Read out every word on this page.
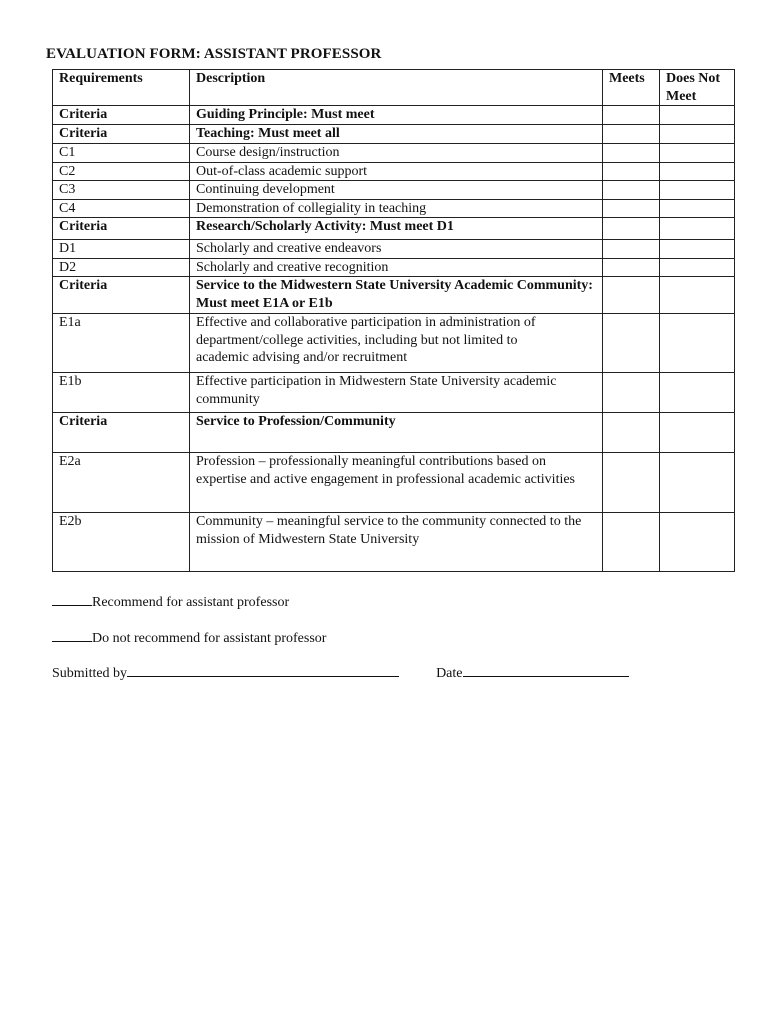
EVALUATION FORM: ASSISTANT PROFESSOR
Requirements	Description	Meets	Does Not Meet
Criteria	Guiding Principle: Must meet		
Criteria	Teaching: Must meet all		
C1	Course design/instruction		
C2	Out-of-class academic support		
C3	Continuing development		
C4	Demonstration of collegiality in teaching		
Criteria	Research/Scholarly Activity: Must meet D1		
D1	Scholarly and creative endeavors		
D2	Scholarly and creative recognition		
Criteria	Service to the Midwestern State University Academic Community: Must meet E1A or E1b		
E1a	Effective and collaborative participation in administration of department/college activities, including but not limited to academic advising and/or recruitment		
E1b	Effective participation in Midwestern State University academic community		
Criteria	Service to Profession/Community		
E2a	Profession – professionally meaningful contributions based on expertise and active engagement in professional academic activities		
E2b	Community – meaningful service to the community connected to the mission of Midwestern State University		
Recommend for assistant professor
Do not recommend for assistant professor
Submitted by	Date
